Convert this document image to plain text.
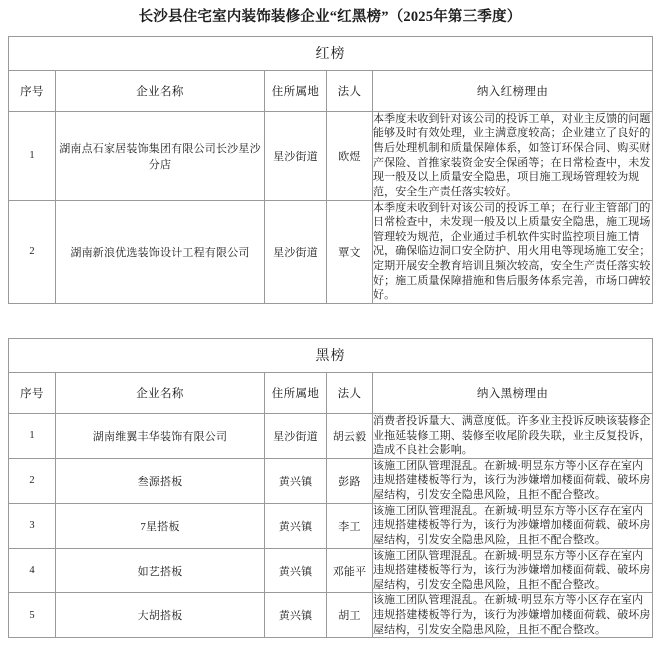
长沙县住宅室内装饰装修企业“红黑榜”（2025年第三季度）
红榜				
序号	企业名称	住所属地	法人	纳入红榜理由
1	湖南点石家居装饰集团有限公司长沙星沙分店	星沙街道	欧煜	本季度未收到针对该公司的投诉工单，对业主反馈的问题能够及时有效处理，业主满意度较高；企业建立了良好的售后处理机制和质量保障体系，如签订环保合同、购买财产保险、首推家装资金安全保函等；在日常检查中，未发现一般及以上质量安全隐患，项目施工现场管理较为规范，安全生产责任落实较好。
2	湖南新浪优选装饰设计工程有限公司	星沙街道	覃文	本季度未收到针对该公司的投诉工单；在行业主管部门的日常检查中，未发现一般及以上质量安全隐患，施工现场管理较为规范，企业通过手机软件实时监控项目施工情况，确保临边洞口安全防护、用火用电等现场施工安全；定期开展安全教育培训且频次较高，安全生产责任落实较好；施工质量保障措施和售后服务体系完善，市场口碑较好。
黑榜				
序号	企业名称	住所属地	法人	纳入黑榜理由
1	湖南维翼丰华装饰有限公司	星沙街道	胡云毅	消费者投诉量大、满意度低。许多业主投诉反映该装修企业拖延装修工期、装修至收尾阶段失联，业主反复投诉，造成不良社会影响。
2	叁源搭板	黄兴镇	彭路	该施工团队管理混乱。在新城·明昱东方等小区存在室内违规搭建楼板等行为，该行为涉嫌增加楼面荷载、破坏房屋结构，引发安全隐患风险，且拒不配合整改。
3	7星搭板	黄兴镇	李工	该施工团队管理混乱。在新城·明昱东方等小区存在室内违规搭建楼板等行为，该行为涉嫌增加楼面荷载、破坏房屋结构，引发安全隐患风险，且拒不配合整改。
4	如艺搭板	黄兴镇	邓能平	该施工团队管理混乱。在新城·明昱东方等小区存在室内违规搭建楼板等行为，该行为涉嫌增加楼面荷载、破坏房屋结构，引发安全隐患风险，且拒不配合整改。
5	大胡搭板	黄兴镇	胡工	该施工团队管理混乱。在新城·明昱东方等小区存在室内违规搭建楼板等行为，该行为涉嫌增加楼面荷载、破坏房屋结构，引发安全隐患风险，且拒不配合整改。
